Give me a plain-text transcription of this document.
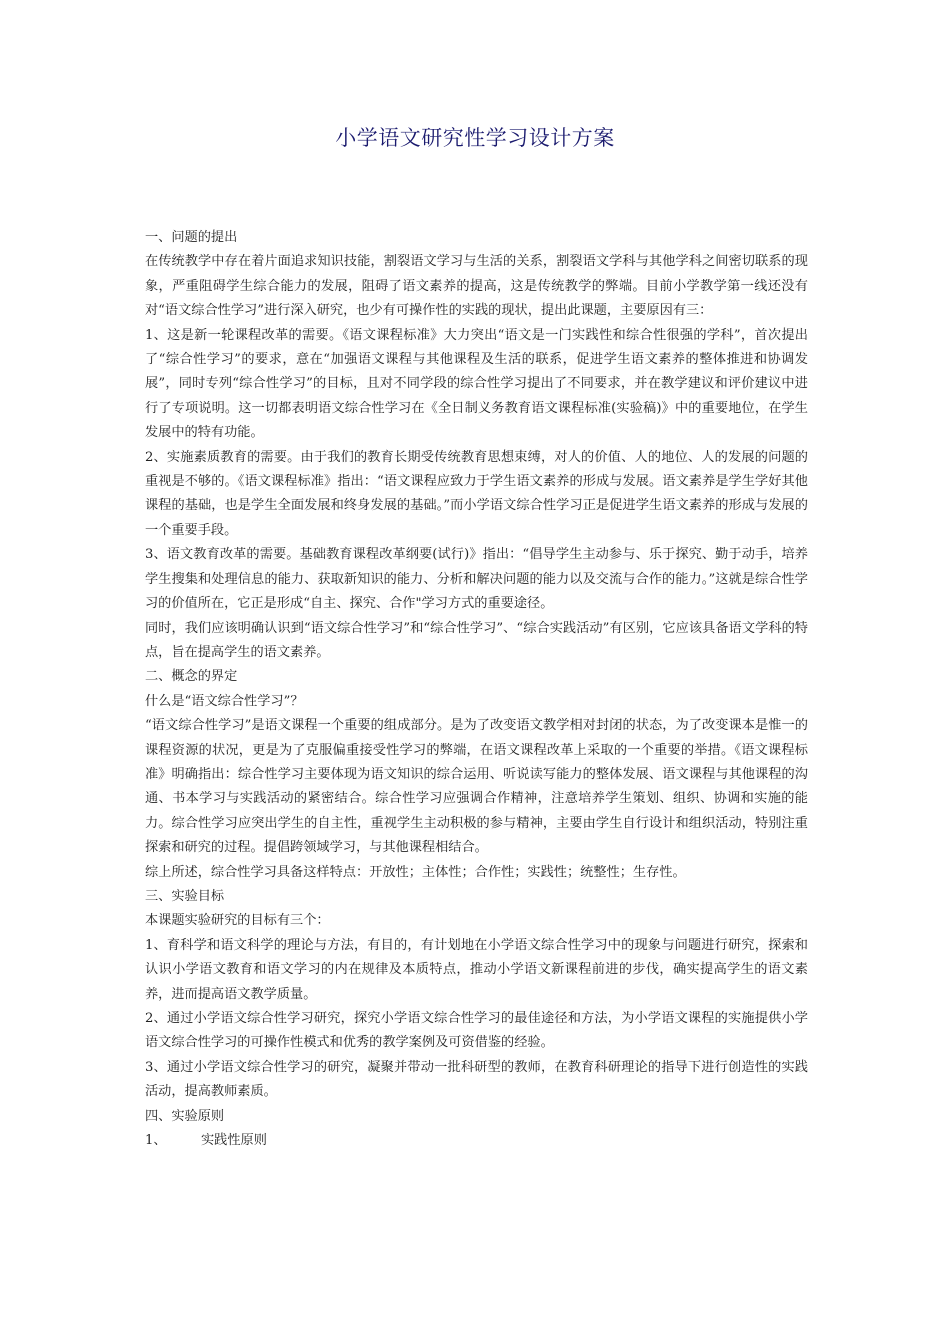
小学语文研究性学习设计方案

一、问题的提出

在传统教学中存在着片面追求知识技能，割裂语文学习与生活的关系，割裂语文学科与其他学科之间密切联系的现象，严重阻碍学生综合能力的发展，阻碍了语文素养的提高，这是传统教学的弊端。目前小学教学第一线还没有对“语文综合性学习”进行深入研究，也少有可操作性的实践的现状，提出此课题，主要原因有三：

1、这是新一轮课程改革的需要。《语文课程标准》大力突出“语文是一门实践性和综合性很强的学科”，首次提出了“综合性学习”的要求，意在“加强语文课程与其他课程及生活的联系，促进学生语文素养的整体推进和协调发展”，同时专列“综合性学习”的目标，且对不同学段的综合性学习提出了不同要求，并在教学建议和评价建议中进行了专项说明。这一切都表明语文综合性学习在《全日制义务教育语文课程标准(实验稿)》中的重要地位，在学生发展中的特有功能。

2、实施素质教育的需要。由于我们的教育长期受传统教育思想束缚，对人的价值、人的地位、人的发展的问题的重视是不够的。《语文课程标准》指出：“语文课程应致力于学生语文素养的形成与发展。语文素养是学生学好其他课程的基础，也是学生全面发展和终身发展的基础。”而小学语文综合性学习正是促进学生语文素养的形成与发展的一个重要手段。

3、语文教育改革的需要。基础教育课程改革纲要(试行)》指出：“倡导学生主动参与、乐于探究、勤于动手，培养学生搜集和处理信息的能力、获取新知识的能力、分析和解决问题的能力以及交流与合作的能力。”这就是综合性学习的价值所在，它正是形成“自主、探究、合作"学习方式的重要途径。

同时，我们应该明确认识到“语文综合性学习”和“综合性学习”、“综合实践活动”有区别，它应该具备语文学科的特点，旨在提高学生的语文素养。

二、概念的界定

什么是“语文综合性学习”？

“语文综合性学习”是语文课程一个重要的组成部分。是为了改变语文教学相对封闭的状态，为了改变课本是惟一的课程资源的状况，更是为了克服偏重接受性学习的弊端，在语文课程改革上采取的一个重要的举措。《语文课程标准》明确指出：综合性学习主要体现为语文知识的综合运用、听说读写能力的整体发展、语文课程与其他课程的沟通、书本学习与实践活动的紧密结合。综合性学习应强调合作精神，注意培养学生策划、组织、协调和实施的能力。综合性学习应突出学生的自主性，重视学生主动积极的参与精神，主要由学生自行设计和组织活动，特别注重探索和研究的过程。提倡跨领域学习，与其他课程相结合。

综上所述，综合性学习具备这样特点：开放性；主体性；合作性；实践性；统整性；生存性。

三、实验目标

本课题实验研究的目标有三个：

1、育科学和语文科学的理论与方法，有目的，有计划地在小学语文综合性学习中的现象与问题进行研究，探索和认识小学语文教育和语文学习的内在规律及本质特点，推动小学语文新课程前进的步伐，确实提高学生的语文素养，进而提高语文教学质量。

2、通过小学语文综合性学习研究，探究小学语文综合性学习的最佳途径和方法，为小学语文课程的实施提供小学语文综合性学习的可操作性模式和优秀的教学案例及可资借鉴的经验。

3、通过小学语文综合性学习的研究，凝聚并带动一批科研型的教师，在教育科研理论的指导下进行创造性的实践活动，提高教师素质。

四、实验原则

1、	实践性原则
